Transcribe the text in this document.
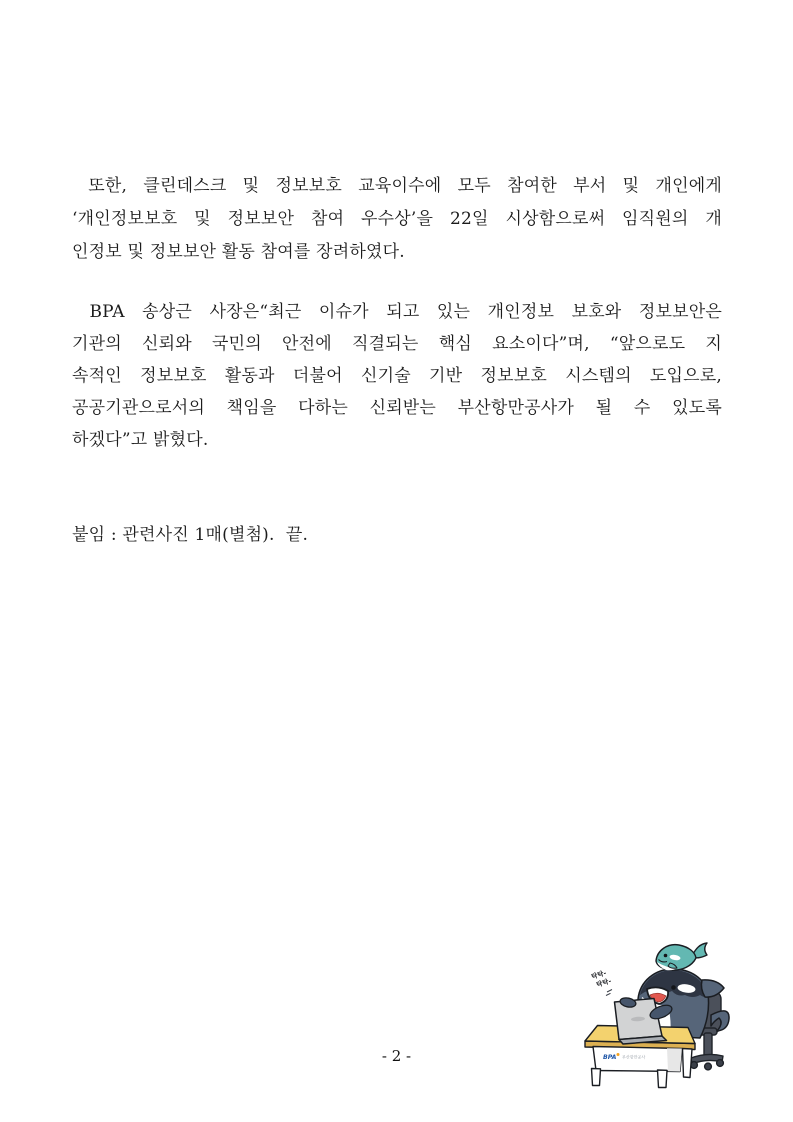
또한, 클린데스크 및 정보보호 교육이수에 모두 참여한 부서 및 개인에게
‘개인정보보호 및 정보보안 참여 우수상’을 22일 시상함으로써 임직원의 개
인정보 및 정보보안 활동 참여를 장려하였다.
BPA 송상근 사장은“최근 이슈가 되고 있는 개인정보 보호와 정보보안은
기관의 신뢰와 국민의 안전에 직결되는 핵심 요소이다”며, “앞으로도 지
속적인 정보보호 활동과 더불어 신기술 기반 정보보호 시스템의 도입으로,
공공기관으로서의 책임을 다하는 신뢰받는 부산항만공사가 될 수 있도록
하겠다”고 밝혔다.
붙임 : 관련사진 1매(별첨).  끝.
- 2 -	BPA 부산항만공사
탁탁-
탁탁-
